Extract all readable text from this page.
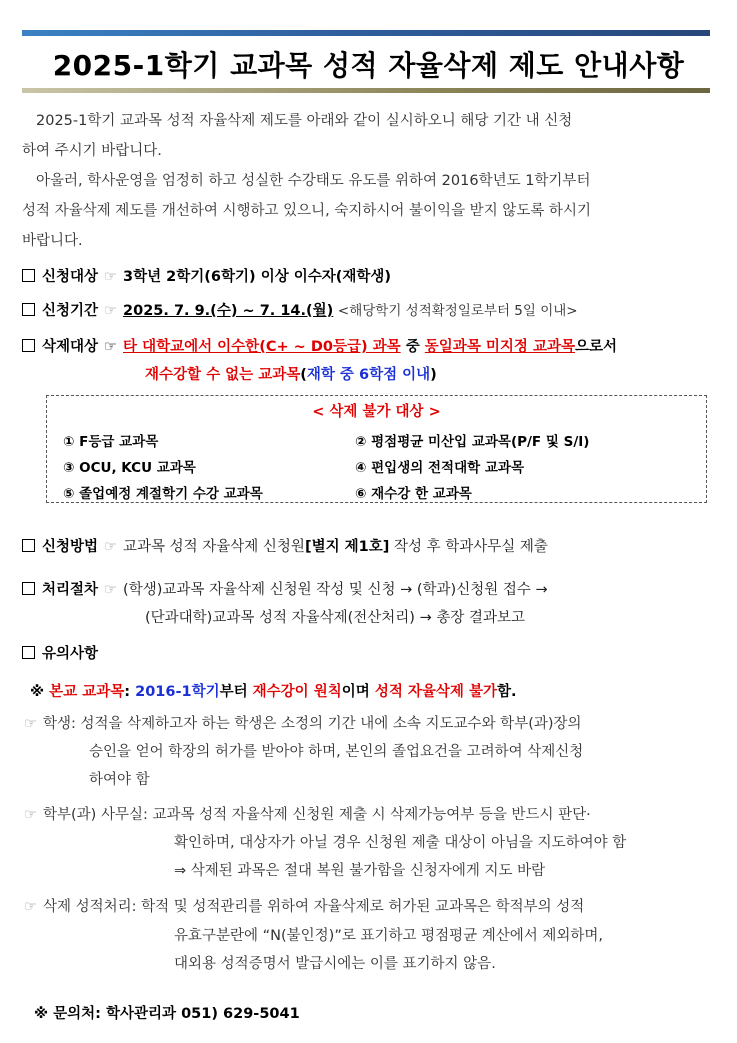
2025-1학기 교과목 성적 자율삭제 제도 안내사항

2025-1학기 교과목 성적 자율삭제 제도를 아래와 같이 실시하오니 해당 기간 내 신청

하여 주시기 바랍니다.

아울러, 학사운영을 엄정히 하고 성실한 수강태도 유도를 위하여 2016학년도 1학기부터

성적 자율삭제 제도를 개선하여 시행하고 있으니, 숙지하시어 불이익을 받지 않도록 하시기
바랍니다.
신청대상 ☞ 3학년 2학기(6학기) 이상 이수자(재학생)
신청기간 ☞ 2025. 7. 9.(수) ~ 7. 14.(월) <해당학기 성적확정일로부터 5일 이내>
삭제대상 ☞ 타 대학교에서 이수한(C+ ~ D0등급) 과목 중 동일과목 미지정 교과목으로서
재수강할 수 없는 교과목(재학 중 6학점 이내)
< 삭제 불가 대상 >
① F등급 교과목	② 평점평균 미산입 교과목(P/F 및 S/I)
③ OCU, KCU 교과목	④ 편입생의 전적대학 교과목
⑤ 졸업예정 계절학기 수강 교과목	⑥ 재수강 한 교과목
신청방법 ☞ 교과목 성적 자율삭제 신청원[별지 제1호] 작성 후 학과사무실 제출
처리절차 ☞ (학생)교과목 자율삭제 신청원 작성 및 신청 → (학과)신청원 접수 →
(단과대학)교과목 성적 자율삭제(전산처리) → 총장 결과보고
유의사항
※ 본교 교과목: 2016-1학기부터 재수강이 원칙이며 성적 자율삭제 불가함.
☞ 학생: 성적을 삭제하고자 하는 학생은 소정의 기간 내에 소속 지도교수와 학부(과)장의
승인을 얻어 학장의 허가를 받아야 하며, 본인의 졸업요건을 고려하여 삭제신청
하여야 함
☞ 학부(과) 사무실: 교과목 성적 자율삭제 신청원 제출 시 삭제가능여부 등을 반드시 판단·
확인하며, 대상자가 아닐 경우 신청원 제출 대상이 아님을 지도하여야 함
⇒ 삭제된 과목은 절대 복원 불가함을 신청자에게 지도 바람
☞ 삭제 성적처리: 학적 및 성적관리를 위하여 자율삭제로 허가된 교과목은 학적부의 성적
유효구분란에 “N(불인정)”로 표기하고 평점평균 계산에서 제외하며,
대외용 성적증명서 발급시에는 이를 표기하지 않음.
※ 문의처: 학사관리과 051) 629-5041
